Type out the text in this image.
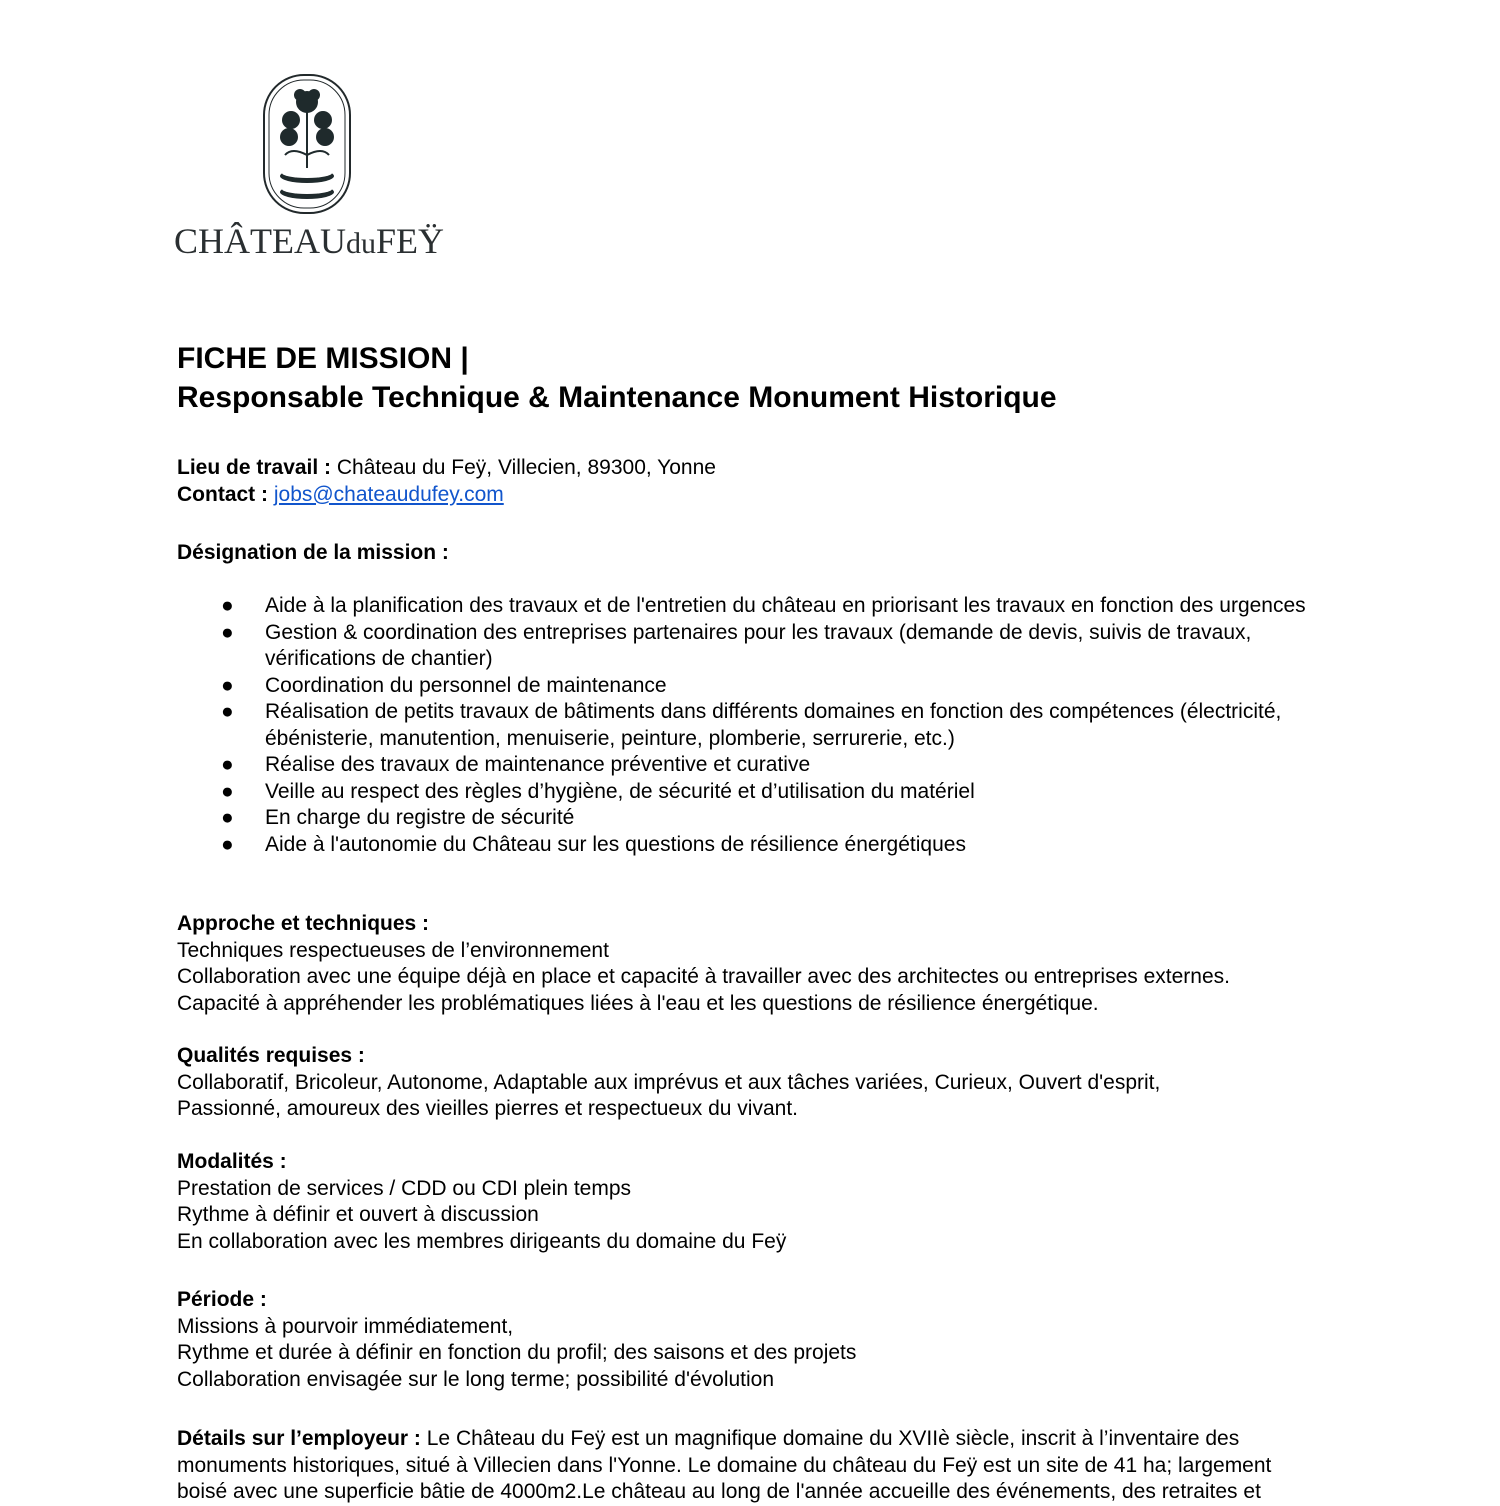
CHÂTEAUduFEŸ
FICHE DE MISSION |
Responsable Technique & Maintenance Monument Historique
Lieu de travail : Château du Feÿ, Villecien, 89300, Yonne
Contact : jobs@chateaudufey.com
Désignation de la mission :
● Aide à la planification des travaux et de l'entretien du château en priorisant les travaux en fonction des urgences
● Gestion & coordination des entreprises partenaires pour les travaux (demande de devis, suivis de travaux, vérifications de chantier)
● Coordination du personnel de maintenance
● Réalisation de petits travaux de bâtiments dans différents domaines en fonction des compétences (électricité, ébénisterie, manutention, menuiserie, peinture, plomberie, serrurerie, etc.)
● Réalise des travaux de maintenance préventive et curative
● Veille au respect des règles d’hygiène, de sécurité et d’utilisation du matériel
● En charge du registre de sécurité
● Aide à l'autonomie du Château sur les questions de résilience énergétiques
Approche et techniques :
Techniques respectueuses de l’environnement
Collaboration avec une équipe déjà en place et capacité à travailler avec des architectes ou entreprises externes.
Capacité à appréhender les problématiques liées à l'eau et les questions de résilience énergétique.
Qualités requises :
Collaboratif, Bricoleur, Autonome, Adaptable aux imprévus et aux tâches variées, Curieux, Ouvert d'esprit, Passionné, amoureux des vieilles pierres et respectueux du vivant.
Modalités :
Prestation de services / CDD ou CDI plein temps
Rythme à définir et ouvert à discussion
En collaboration avec les membres dirigeants du domaine du Feÿ
Période :
Missions à pourvoir immédiatement,
Rythme et durée à définir en fonction du profil; des saisons et des projets
Collaboration envisagée sur le long terme; possibilité d'évolution
Détails sur l’employeur : Le Château du Feÿ est un magnifique domaine du XVIIè siècle, inscrit à l’inventaire des monuments historiques, situé à Villecien dans l'Yonne. Le domaine du château du Feÿ est un site de 41 ha; largement boisé avec une superficie bâtie de 4000m2.Le château au long de l'année accueille des événements, des retraites et
